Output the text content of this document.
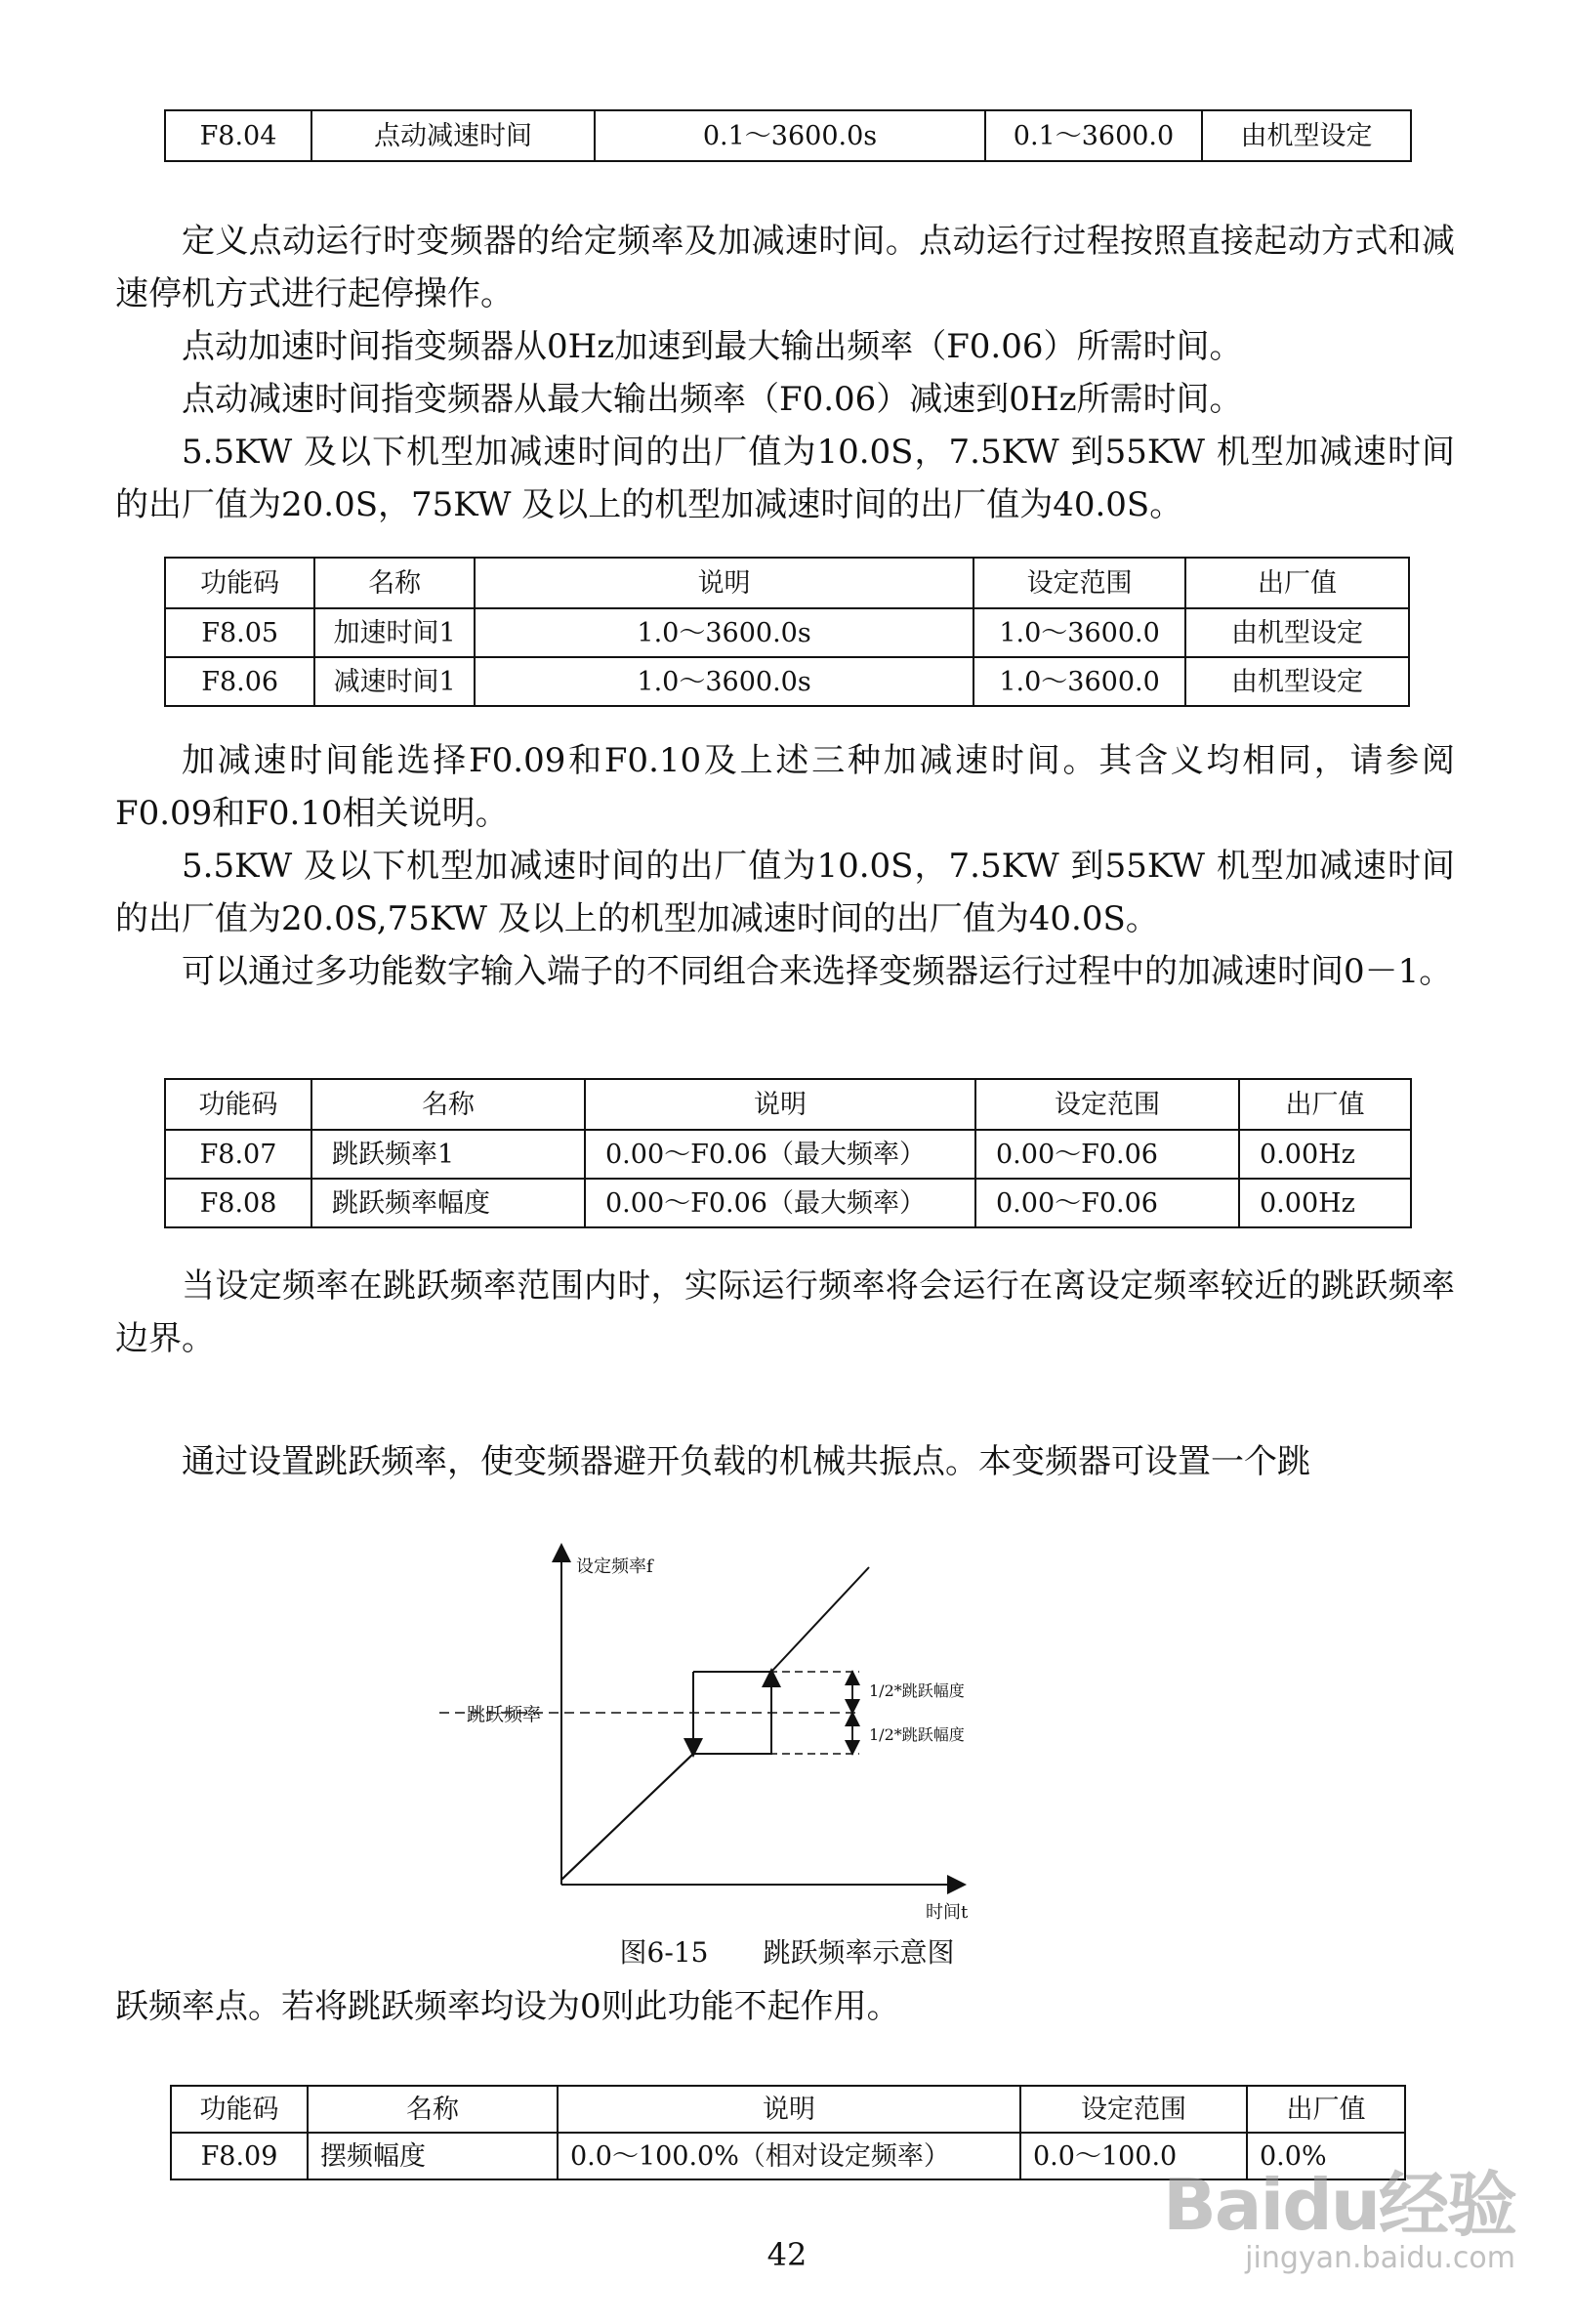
F8.04	点动减速时间	0.1～3600.0s	0.1～3600.0	由机型设定

定义点动运行时变频器的给定频率及加减速时间。点动运行过程按照直接起动方式和减速停机方式进行起停操作。

点动加速时间指变频器从0Hz加速到最大输出频率（F0.06）所需时间。

点动减速时间指变频器从最大输出频率（F0.06）减速到0Hz所需时间。

5.5KW 及以下机型加减速时间的出厂值为10.0S，7.5KW 到55KW 机型加减速时间的出厂值为20.0S，75KW 及以上的机型加减速时间的出厂值为40.0S。

功能码	名称	说明	设定范围	出厂值
F8.05	加速时间1	1.0～3600.0s	1.0～3600.0	由机型设定
F8.06	减速时间1	1.0～3600.0s	1.0～3600.0	由机型设定

加减速时间能选择F0.09和F0.10及上述三种加减速时间。其含义均相同，请参阅F0.09和F0.10相关说明。

5.5KW 及以下机型加减速时间的出厂值为10.0S，7.5KW 到55KW 机型加减速时间的出厂值为20.0S,75KW 及以上的机型加减速时间的出厂值为40.0S。

可以通过多功能数字输入端子的不同组合来选择变频器运行过程中的加减速时间0－1。

功能码	名称	说明	设定范围	出厂值
F8.07	跳跃频率1	0.00～F0.06（最大频率）	0.00～F0.06	0.00Hz
F8.08	跳跃频率幅度	0.00～F0.06（最大频率）	0.00～F0.06	0.00Hz

当设定频率在跳跃频率范围内时，实际运行频率将会运行在离设定频率较近的跳跃频率边界。

通过设置跳跃频率，使变频器避开负载的机械共振点。本变频器可设置一个跳

设定频率f
时间t
跳跃频率
1/2*跳跃幅度
1/2*跳跃幅度
图6-15　　跳跃频率示意图

跃频率点。若将跳跃频率均设为0则此功能不起作用。

功能码	名称	说明	设定范围	出厂值
F8.09	摆频幅度	0.0～100.0%（相对设定频率）	0.0～100.0	0.0%
42
Baidu经验
jingyan.baidu.com
